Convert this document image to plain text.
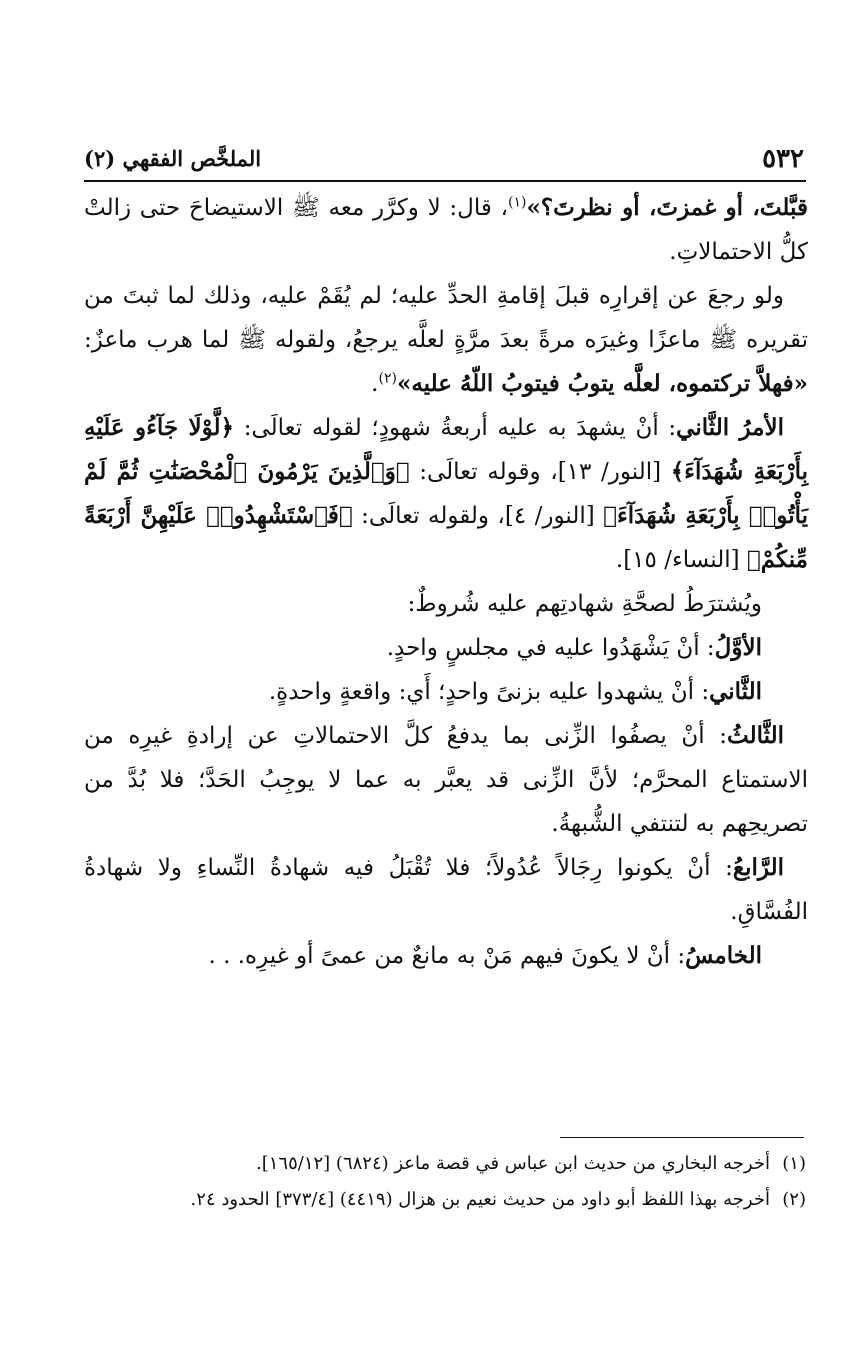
٥٣٢
الملخَّص الفقهي (٢)

قبَّلتَ، أو غمزتَ، أو نظرتَ؟»$^{(١)}$، قال: لا وكرَّر معه ﷺ الاستيضاحَ حتى زالتْ كلُّ الاحتمالاتِ.

ولو رجعَ عن إقرارِه قبلَ إقامةِ الحدِّ عليه؛ لم يُقَمْ عليه، وذلك لما ثبتَ من تقريره ﷺ ماعزًا وغيرَه مرةً بعدَ مرَّةٍ لعلَّه يرجعُ، ولقوله ﷺ لما هرب ماعزٌ: «فهلاَّ تركتموه، لعلَّه يتوبُ فيتوبُ اللّهُ عليه»$^{(٢)}$.

الأمرُ الثَّاني: أنْ يشهدَ به عليه أربعةُ شهودٍ؛ لقوله تعالَى: ﴿لَّوْلَا جَآءُو عَلَيْهِ بِأَرْبَعَةِ شُهَدَآءَ﴾ [النور/ ١٣]، وقوله تعالَى: ﴿وَٱلَّذِينَ يَرْمُونَ ٱلْمُحْصَنَٰتِ ثُمَّ لَمْ يَأْتُوا۟ بِأَرْبَعَةِ شُهَدَآءَ﴾ [النور/ ٤]، ولقوله تعالَى: ﴿فَٱسْتَشْهِدُوا۟ عَلَيْهِنَّ أَرْبَعَةً مِّنكُمْ﴾ [النساء/ ١٥].

ويُشترَطُ لصحَّةِ شهادتِهم عليه شُروطٌ:

الأوَّلُ: أنْ يَشْهَدُوا عليه في مجلسٍ واحدٍ.

الثَّاني: أنْ يشهدوا عليه بزنىً واحدٍ؛ أَي: واقعةٍ واحدةٍ.

الثَّالثُ: أنْ يصفُوا الزِّنى بما يدفعُ كلَّ الاحتمالاتِ عن إرادةِ غيرِه من الاستمتاع المحرَّم؛ لأنَّ الزِّنى قد يعبَّر به عما لا يوجِبُ الحَدَّ؛ فلا بُدَّ من تصريحِهم به لتنتفي الشُّبهةُ.

الرَّابعُ: أنْ يكونوا رِجَالاً عُدُولاً؛ فلا تُقْبَلُ فيه شهادةُ النِّساءِ ولا شهادةُ الفُسَّاقِ.

الخامسُ: أنْ لا يكونَ فيهم مَنْ به مانعٌ من عمىً أو غيرِه. . .

(١)أخرجه البخاري من حديث ابن عباس في قصة ماعز (٦٨٢٤) [١٦٥/١٢].

(٢)أخرجه بهذا اللفظ أبو داود من حديث نعيم بن هزال (٤٤١٩) [٣٧٣/٤] الحدود ٢٤.
